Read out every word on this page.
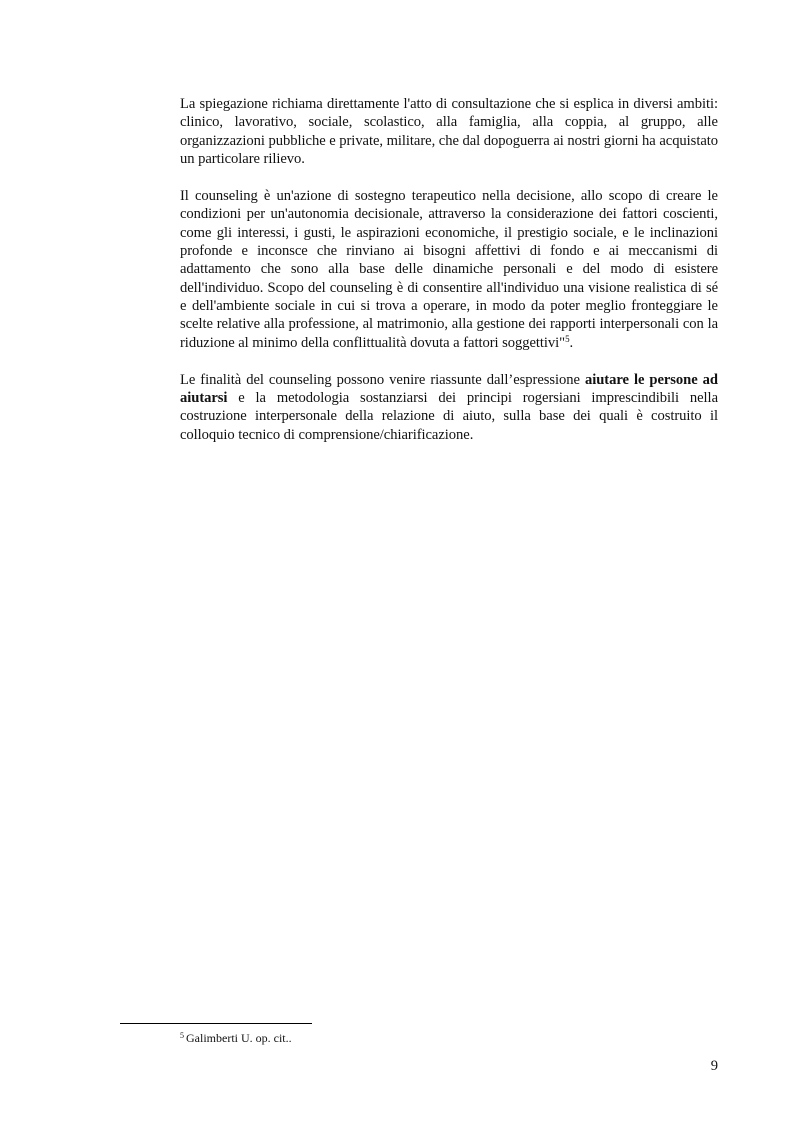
La spiegazione richiama direttamente l'atto di consultazione che si esplica in diversi ambiti: clinico, lavorativo, sociale, scolastico, alla famiglia, alla coppia, al gruppo, alle organizzazioni pubbliche e private, militare, che dal dopoguerra ai nostri giorni ha acquistato un particolare rilievo.

Il counseling è un'azione di sostegno terapeutico nella decisione, allo scopo di creare le condizioni per un'autonomia decisionale, attraverso la considerazione dei fattori coscienti, come gli interessi, i gusti, le aspirazioni economiche, il prestigio sociale, e le inclinazioni profonde e inconsce che rinviano ai bisogni affettivi di fondo e ai meccanismi di adattamento che sono alla base delle dinamiche personali e del modo di esistere dell'individuo. Scopo del counseling è di consentire all'individuo una visione realistica di sé e dell'ambiente sociale in cui si trova a operare, in modo da poter meglio fronteggiare le scelte relative alla professione, al matrimonio, alla gestione dei rapporti interpersonali con la riduzione al minimo della conflittualità dovuta a fattori soggettivi"$^5$.

Le finalità del counseling possono venire riassunte dall’espressione aiutare le persone ad aiutarsi e la metodologia sostanziarsi dei principi rogersiani imprescindibili nella costruzione interpersonale della relazione di aiuto, sulla base dei quali è costruito il colloquio tecnico di comprensione/chiarificazione.

$^5$ Galimberti U. op. cit..
9
